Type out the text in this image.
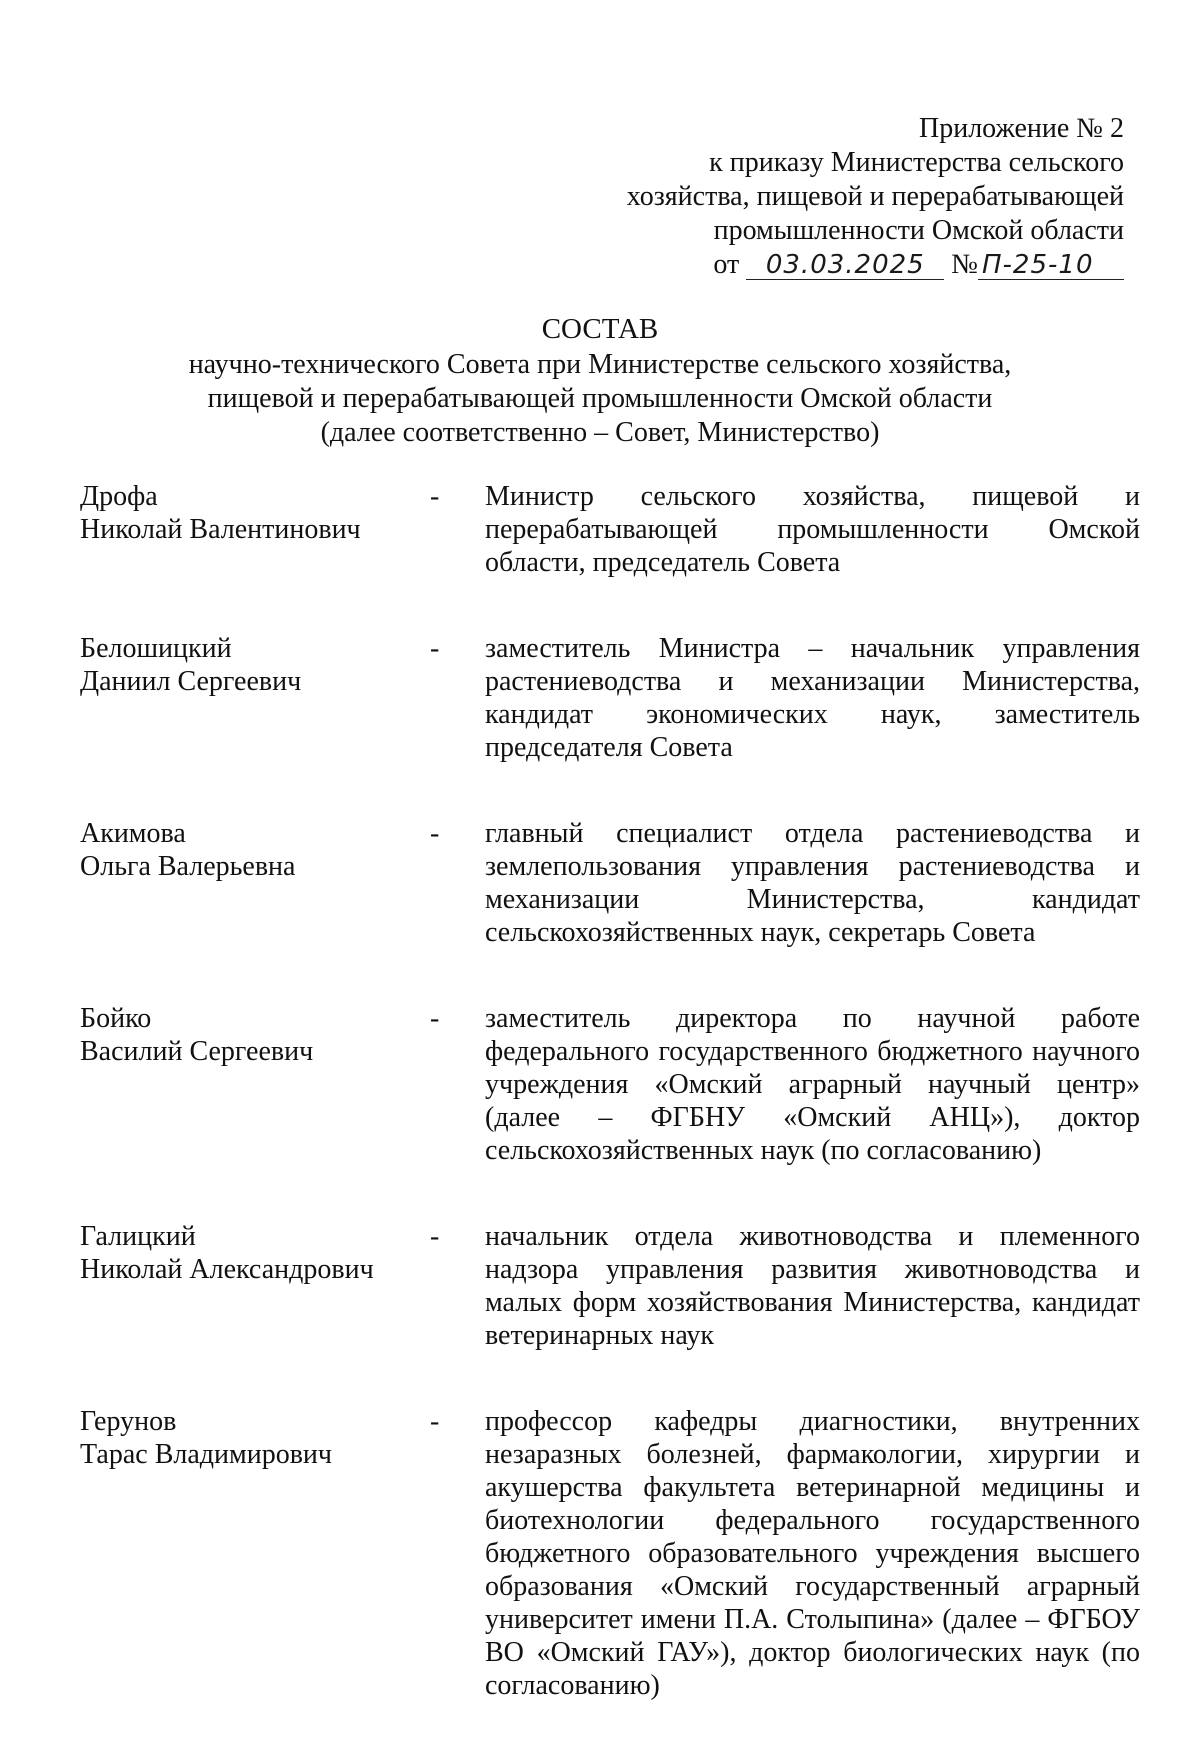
Приложение № 2
к приказу Министерства сельского
хозяйства, пищевой и перерабатывающей
промышленности Омской области
от 03.03.2025 № П-25-10
СОСТАВ
научно-технического Совета при Министерстве сельского хозяйства,
пищевой и перерабатывающей промышленности Омской области
(далее соответственно – Совет, Министерство)
Дрофа
Николай Валентинович
-	Министр сельского хозяйства, пищевой и перерабатывающей промышленности Омской области, председатель Совета
Белошицкий
Даниил Сергеевич
-	заместитель Министра – начальник управления растениеводства и механизации Министерства, кандидат экономических наук, заместитель председателя Совета
Акимова
Ольга Валерьевна
-	главный специалист отдела растениеводства и землепользования управления растениеводства и механизации Министерства, кандидат сельскохозяйственных наук, секретарь Совета
Бойко
Василий Сергеевич
-	заместитель директора по научной работе федерального государственного бюджетного научного учреждения «Омский аграрный научный центр» (далее – ФГБНУ «Омский АНЦ»), доктор сельскохозяйственных наук (по согласованию)
Галицкий
Николай Александрович
-	начальник отдела животноводства и племенного надзора управления развития животноводства и малых форм хозяйствования Министерства, кандидат ветеринарных наук
Герунов
Тарас Владимирович
-	профессор кафедры диагностики, внутренних незаразных болезней, фармакологии, хирургии и акушерства факультета ветеринарной медицины и биотехнологии федерального государственного бюджетного образовательного учреждения высшего образования «Омский государственный аграрный университет имени П.А. Столыпина» (далее – ФГБОУ ВО «Омский ГАУ»), доктор биологических наук (по согласованию)
